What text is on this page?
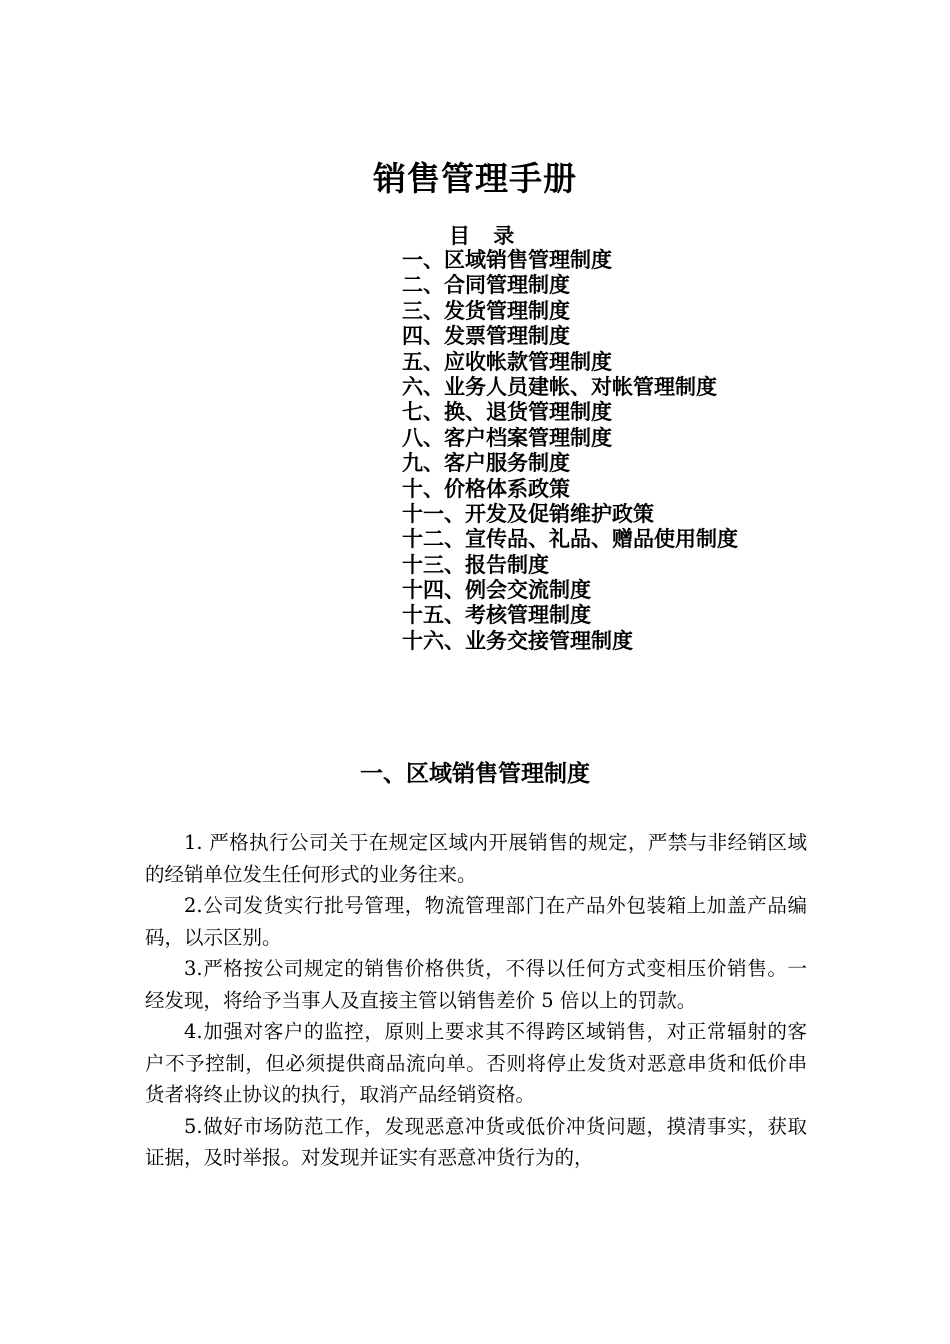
销售管理手册
目 录
一、区域销售管理制度
二、合同管理制度
三、发货管理制度
四、发票管理制度
五、应收帐款管理制度
六、业务人员建帐、对帐管理制度
七、换、退货管理制度
八、客户档案管理制度
九、客户服务制度
十、价格体系政策
十一、开发及促销维护政策
十二、宣传品、礼品、赠品使用制度
十三、报告制度
十四、例会交流制度
十五、考核管理制度
十六、业务交接管理制度
一、区域销售管理制度

1. 严格执行公司关于在规定区域内开展销售的规定，严禁与非经销区域的经销单位发生任何形式的业务往来。

2.公司发货实行批号管理，物流管理部门在产品外包装箱上加盖产品编码，以示区别。

3.严格按公司规定的销售价格供货，不得以任何方式变相压价销售。一经发现，将给予当事人及直接主管以销售差价 5 倍以上的罚款。

4.加强对客户的监控，原则上要求其不得跨区域销售，对正常辐射的客户不予控制，但必须提供商品流向单。否则将停止发货对恶意串货和低价串货者将终止协议的执行，取消产品经销资格。

5.做好市场防范工作，发现恶意冲货或低价冲货问题，摸清事实，获取证据，及时举报。对发现并证实有恶意冲货行为的，
